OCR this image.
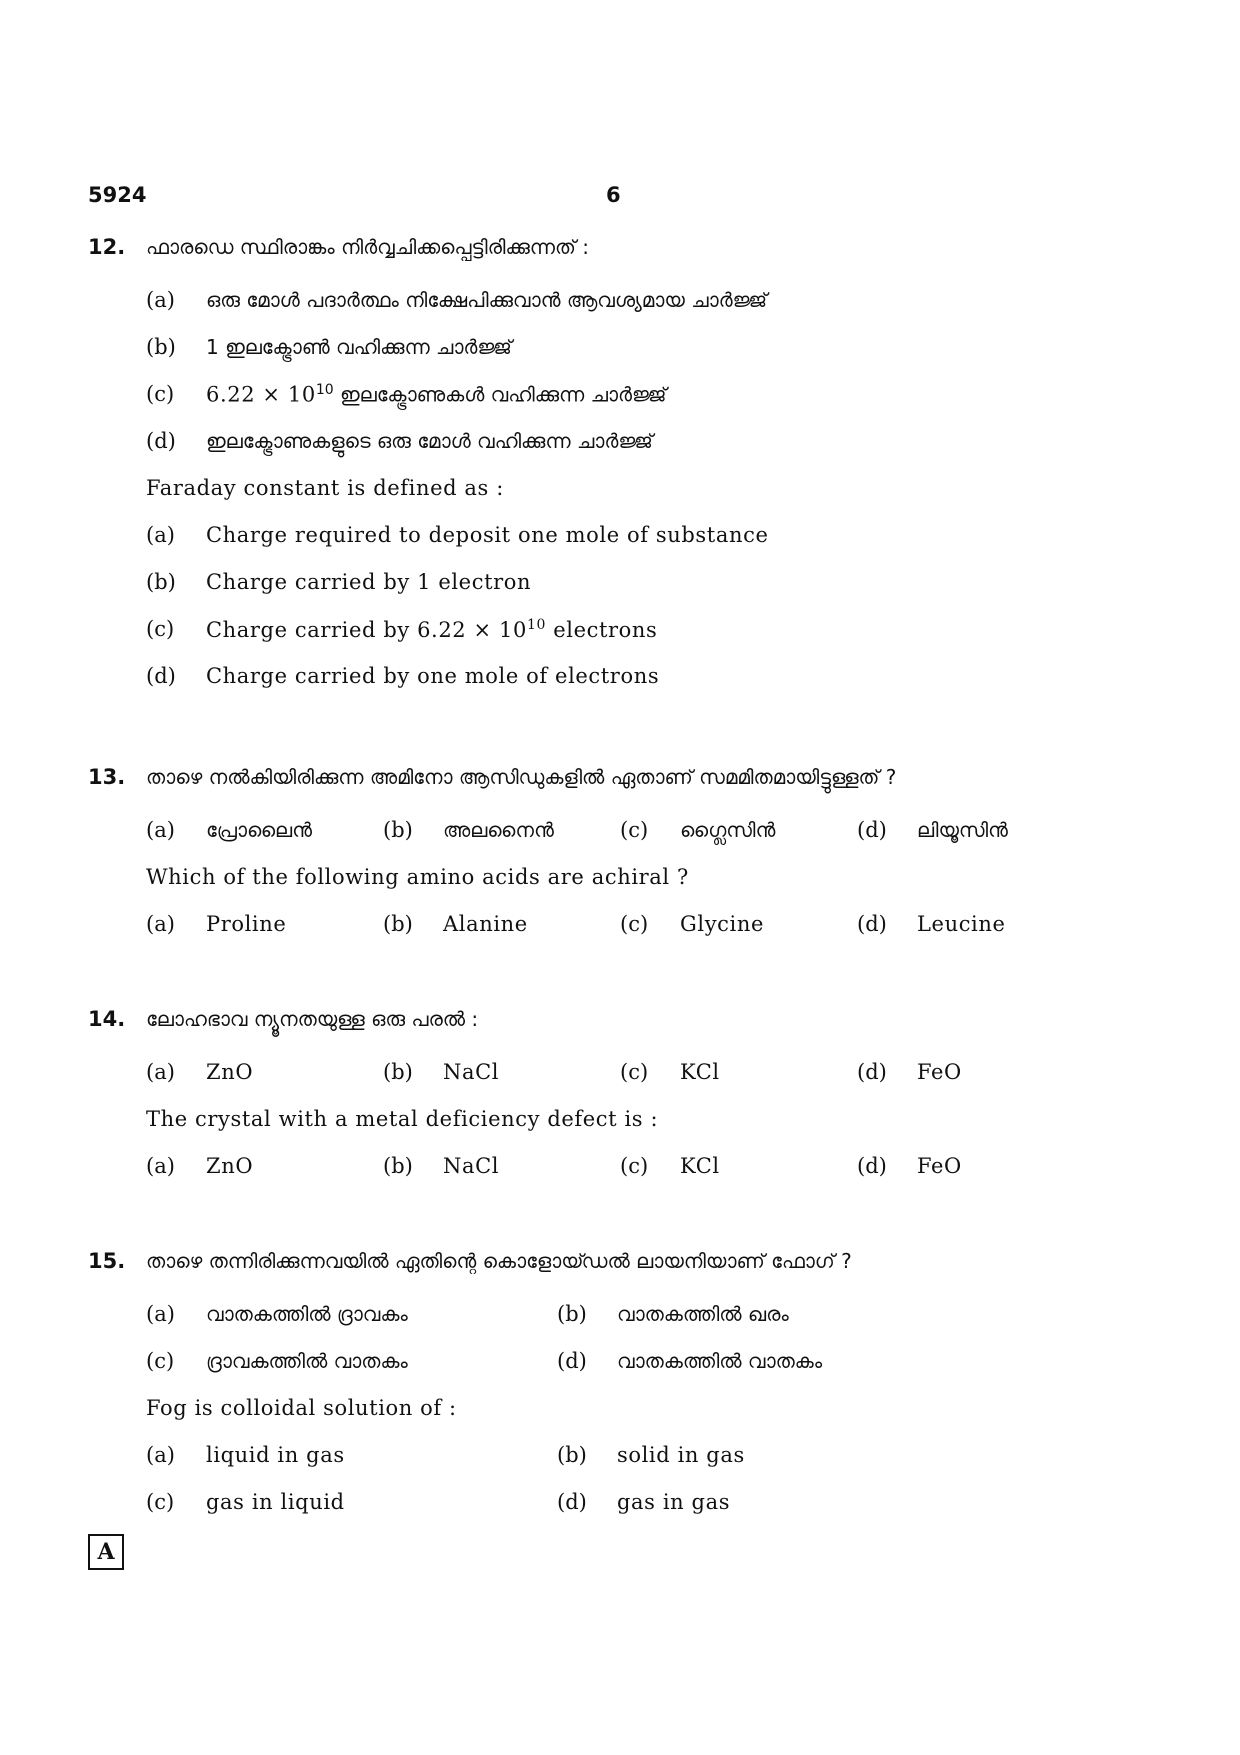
5924	6
12. ഫാരഡെ സ്ഥിരാങ്കം നിർവ്വചിക്കപ്പെട്ടിരിക്കുന്നത് :
(a) ഒരു മോൾ പദാർത്ഥം നിക്ഷേപിക്കുവാൻ ആവശ്യമായ ചാർജ്ജ്
(b) 1 ഇലക്ട്രോൺ വഹിക്കുന്ന ചാർജ്ജ്
(c) $6.22 \times 10^{10}$ ഇലക്ട്രോണുകൾ വഹിക്കുന്ന ചാർജ്ജ്
(d) ഇലക്ട്രോണുകളുടെ ഒരു മോൾ വഹിക്കുന്ന ചാർജ്ജ്
Faraday constant is defined as :
(a) Charge required to deposit one mole of substance
(b) Charge carried by 1 electron
(c) Charge carried by $6.22 \times 10^{10}$ electrons
(d) Charge carried by one mole of electrons
13. താഴെ നൽകിയിരിക്കുന്ന അമിനോ ആസിഡുകളിൽ ഏതാണ് സമമിതമായിട്ടുള്ളത് ?
(a) പ്രോലൈൻ	(b) അലനൈൻ	(c) ഗ്ലൈസിൻ	(d) ലിയൂസിൻ
Which of the following amino acids are achiral ?
(a) Proline	(b) Alanine	(c) Glycine	(d) Leucine
14. ലോഹഭാവ ന്യൂനതയുള്ള ഒരു പരൽ :
(a) ZnO	(b) NaCl	(c) KCl	(d) FeO
The crystal with a metal deficiency defect is :
(a) ZnO	(b) NaCl	(c) KCl	(d) FeO
15. താഴെ തന്നിരിക്കുന്നവയിൽ ഏതിന്റെ കൊളോയ്ഡൽ ലായനിയാണ് ഫോഗ് ?
(a) വാതകത്തിൽ ദ്രാവകം	(b) വാതകത്തിൽ ഖരം
(c) ദ്രാവകത്തിൽ വാതകം	(d) വാതകത്തിൽ വാതകം
Fog is colloidal solution of :
(a) liquid in gas	(b) solid in gas
(c) gas in liquid	(d) gas in gas
A
